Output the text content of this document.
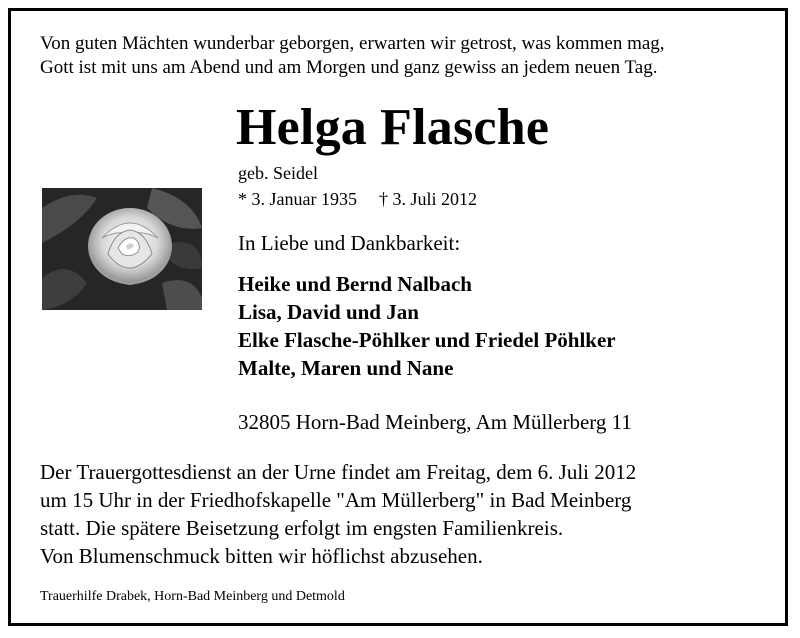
Von guten Mächten wunderbar geborgen, erwarten wir getrost, was kommen mag,
Gott ist mit uns am Abend und am Morgen und ganz gewiss an jedem neuen Tag.
Helga Flasche
geb. Seidel
* 3. Januar 1935 † 3. Juli 2012
In Liebe und Dankbarkeit:
Heike und Bernd Nalbach
Lisa, David und Jan
Elke Flasche-Pöhlker und Friedel Pöhlker
Malte, Maren und Nane
32805 Horn-Bad Meinberg, Am Müllerberg 11
Der Trauergottesdienst an der Urne findet am Freitag, dem 6. Juli 2012
um 15 Uhr in der Friedhofskapelle "Am Müllerberg" in Bad Meinberg
statt. Die spätere Beisetzung erfolgt im engsten Familienkreis.
Von Blumenschmuck bitten wir höflichst abzusehen.
Trauerhilfe Drabek, Horn-Bad Meinberg und Detmold
